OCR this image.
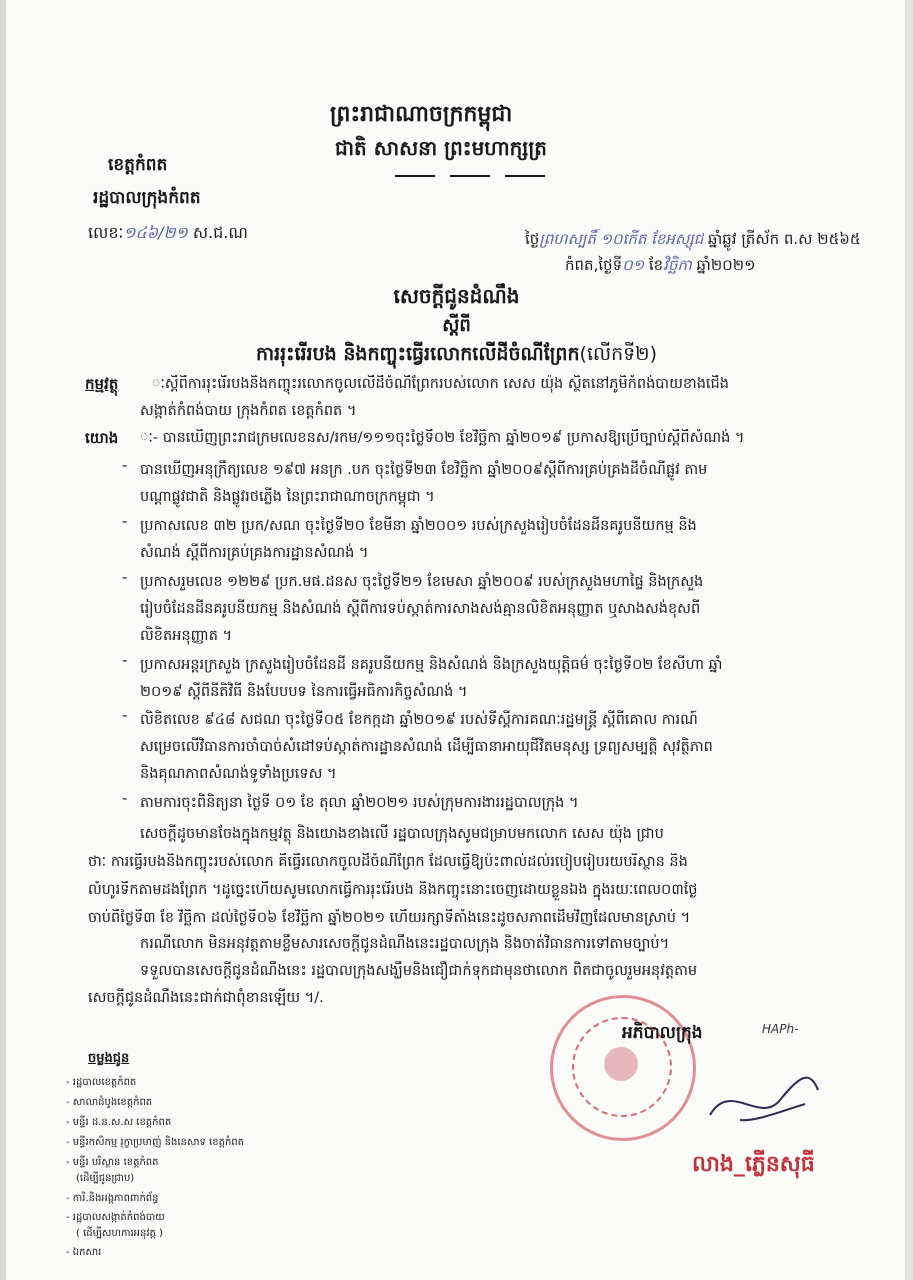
ព្រះរាជាណាចក្រកម្ពុជា
ជាតិ សាសនា ព្រះមហាក្សត្រ
ខេត្តកំពត
រដ្ឋបាលក្រុងកំពត
លេខៈ១៤៦/២១ ស.ជ.ណ	ថ្ងៃព្រហស្បតិ៍ ១០កើត ខែអស្សុជ ឆ្នាំឆ្លូវ ត្រីស័ក ព.ស ២៥៦៥
កំពត,ថ្ងៃទី០១ ខែវិច្ឆិកា ឆ្នាំ២០២១
សេចក្ដីជូនដំណឹង
ស្ដីពី
ការរុះរើរបង និងកញ្ចុះធ្វើរលោកលើដីចំណីព្រែក(លើកទី២)
កម្មវត្ថុ ៈស្ដីពីការរុះរើរបងនិងកញ្ចុះរលោកចូលលើដីចំណីព្រែករបស់លោក សេស យ៉ុង ស្ថិតនៅភូមិកំពង់បាយខាងជើង
សង្កាត់កំពង់បាយ ក្រុងកំពត ខេត្តកំពត ។
យោង ៈ- បានឃើញព្រះរាជក្រមលេខនស/រកម/១១១ចុះថ្ងៃទី០២ ខែវិច្ឆិកា ឆ្នាំ២០១៩ ប្រកាសឱ្យប្រើច្បាប់ស្ដីពីសំណង់ ។
- បានឃើញអនុក្រឹត្យលេខ ១៩៧ អនក្រ .បក ចុះថ្ងៃទី២៣ ខែវិច្ឆិកា ឆ្នាំ២០០៩ស្ដីពីការគ្រប់គ្រងដីចំណីផ្លូវ តាម
បណ្ដាផ្លូវជាតិ និងផ្លូវរថភ្លើង នៃព្រះរាជាណាចក្រកម្ពុជា ។
- ប្រកាសលេខ ៣២ ប្រក/សណ ចុះថ្ងៃទី២០ ខែមីនា ឆ្នាំ២០០១ របស់ក្រសួងរៀបចំដែនដីនគរូបនីយកម្ម និង
សំណង់ ស្ដីពីការគ្រប់គ្រងការដ្ឋានសំណង់ ។
- ប្រកាសរួមលេខ ១២២៩ ប្រក.មផ.ដនស ចុះថ្ងៃទី២១ ខែមេសា ឆ្នាំ២០០៩ របស់ក្រសួងមហាផ្ទៃ និងក្រសួង
រៀបចំដែនដីនគរូបនីយកម្ម និងសំណង់ ស្ដីពីការទប់ស្កាត់ការសាងសង់គ្មានលិខិតអនុញ្ញាត ឬសាងសង់ខុសពី
លិខិតអនុញ្ញាត ។
- ប្រកាសអន្តរក្រសួង ក្រសួងរៀបចំដែនដី នគរូបនីយកម្ម និងសំណង់ និងក្រសួងយុត្តិធម៌ ចុះថ្ងៃទី០២ ខែសីហា ឆ្នាំ
២០១៩ ស្ដីពីនីតិវិធី និងបែបបទ នៃការធ្វើអធិការកិច្ចសំណង់ ។
- លិខិតលេខ ៩៤៨ សជណ ចុះថ្ងៃទី០៥ ខែកក្កដា ឆ្នាំ២០១៩ របស់ទីស្ដីការគណៈរដ្ឋមន្ត្រី ស្ដីពីគោល ការណ៍
សម្រេចលើវិធានការចាំបាច់សំដៅទប់ស្កាត់ការដ្ឋានសំណង់ ដើម្បីធានាអាយុជីវិតមនុស្ស ទ្រព្យសម្បត្តិ សុវត្ថិភាព
និងគុណភាពសំណង់ទូទាំងប្រទេស ។
- តាមការចុះពិនិត្យនា ថ្ងៃទី ០១ ខែ តុលា ឆ្នាំ២០២១ របស់ក្រុមការងាររដ្ឋបាលក្រុង ។
សេចក្ដីដូចមានចែងក្នុងកម្មវត្ថុ និងយោងខាងលើ រដ្ឋបាលក្រុងសូមជម្រាបមកលោក សេស យ៉ុង ជ្រាប
ថាៈ ការធ្វើរបងនិងកញ្ចុះរបស់លោក គឺធ្វើរលោកចូលដីចំណីព្រែក ដែលធ្វើឱ្យប៉ះពាល់ដល់របៀបរៀបរយបរិស្ថាន និង
លំហូរទឹកតាមដងព្រែក ។ដូច្នេះហើយសូមលោកធ្វើការរុះរើរបង និងកញ្ចុះនោះចេញដោយខ្លួនឯង ក្នុងរយៈពេល០៣ថ្ងៃ
ចាប់ពីថ្ងៃទី៣ ខែ វិច្ឆិកា ដល់ថ្ងៃទី០៦ ខែវិច្ឆិកា ឆ្នាំ២០២១ ហើយរក្សាទីតាំងនេះដូចសភាពដើមវិញដែលមានស្រាប់ ។
ករណីលោក មិនអនុវត្តតាមខ្លឹមសារសេចក្ដីជូនដំណឹងនេះរដ្ឋបាលក្រុង និងចាត់វិធានការទៅតាមច្បាប់។
ទទួលបានសេចក្ដីជូនដំណឹងនេះ រដ្ឋបាលក្រុងសង្ឃឹមនិងជឿជាក់ទុកជាមុនថាលោក ពិតជាចូលរួមអនុវត្តតាម
សេចក្ដីជូនដំណឹងនេះជាក់ជាពុំខានឡើយ ។/.
អភិបាលក្រុង	HAPh-
លាង_ភ្លើនសុធី
ចម្លងជូន
- រដ្ឋបាលខេត្តកំពត
- សាលាដំបូងខេត្តកំពត
- មន្ទីរ ដ.ន.ស.ស ខេត្តកំពត
- មន្ទីរកសិកម្ម រុក្ខាប្រមាញ់ និងនេសាទ ខេត្តកំពត
- មន្ទីរ បរិស្ថាន ខេត្តកំពត
(ដើម្បីជូនជ្រាប)
- ការិ.និងអង្គភាពពាក់ព័ន្ធ
- រដ្ឋបាលសង្កាត់កំពង់បាយ
( ដើម្បីសហការអនុវត្ត )
- ឯកសារ
